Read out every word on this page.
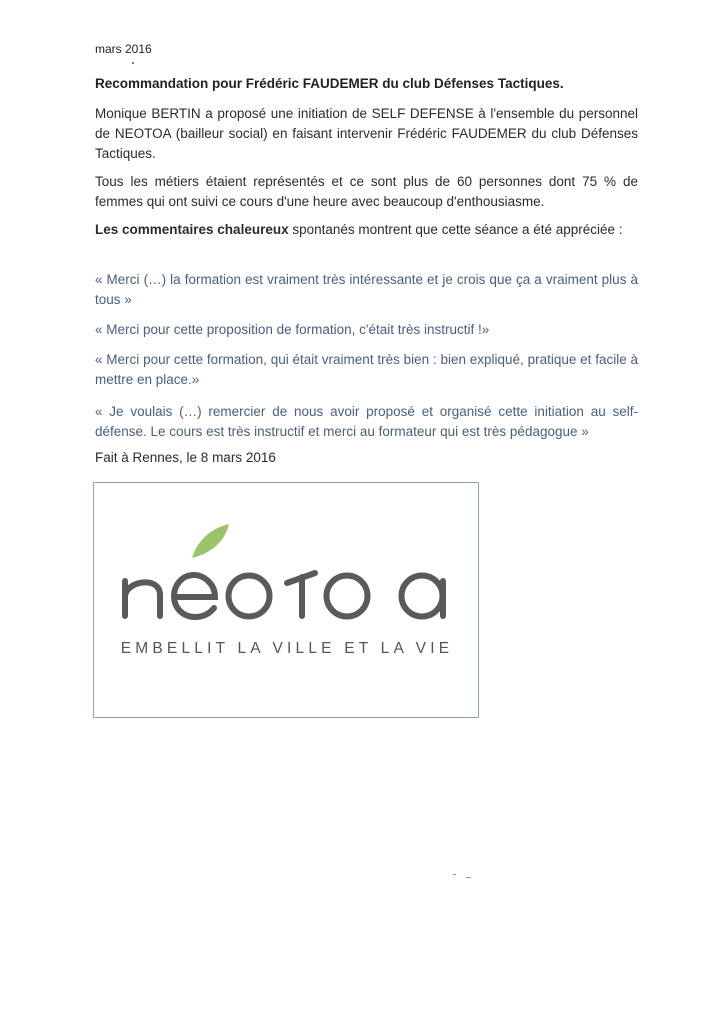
mars 2016
Recommandation pour Frédéric FAUDEMER du club Défenses Tactiques.

Monique BERTIN a proposé une initiation de SELF DEFENSE à l'ensemble du personnel de NEOTOA (bailleur social) en faisant intervenir Frédéric FAUDEMER du club Défenses Tactiques.

Tous les métiers étaient représentés et ce sont plus de 60 personnes dont 75 % de femmes qui ont suivi ce cours d'une heure avec beaucoup d'enthousiasme.

Les commentaires chaleureux spontanés montrent que cette séance a été appréciée :

« Merci (…) la formation est vraiment très intéressante et je crois que ça a vraiment plus à tous »

« Merci pour cette proposition de formation, c'était très instructif !»

« Merci pour cette formation, qui était vraiment très bien : bien expliqué, pratique et facile à mettre en place.»

« Je voulais (…) remercier de nous avoir proposé et organisé cette initiation au self-défense. Le cours est très instructif et merci au formateur qui est très pédagogue »

Fait à Rennes, le 8 mars 2016
EMBELLIT LA VILLE ET LA VIE
